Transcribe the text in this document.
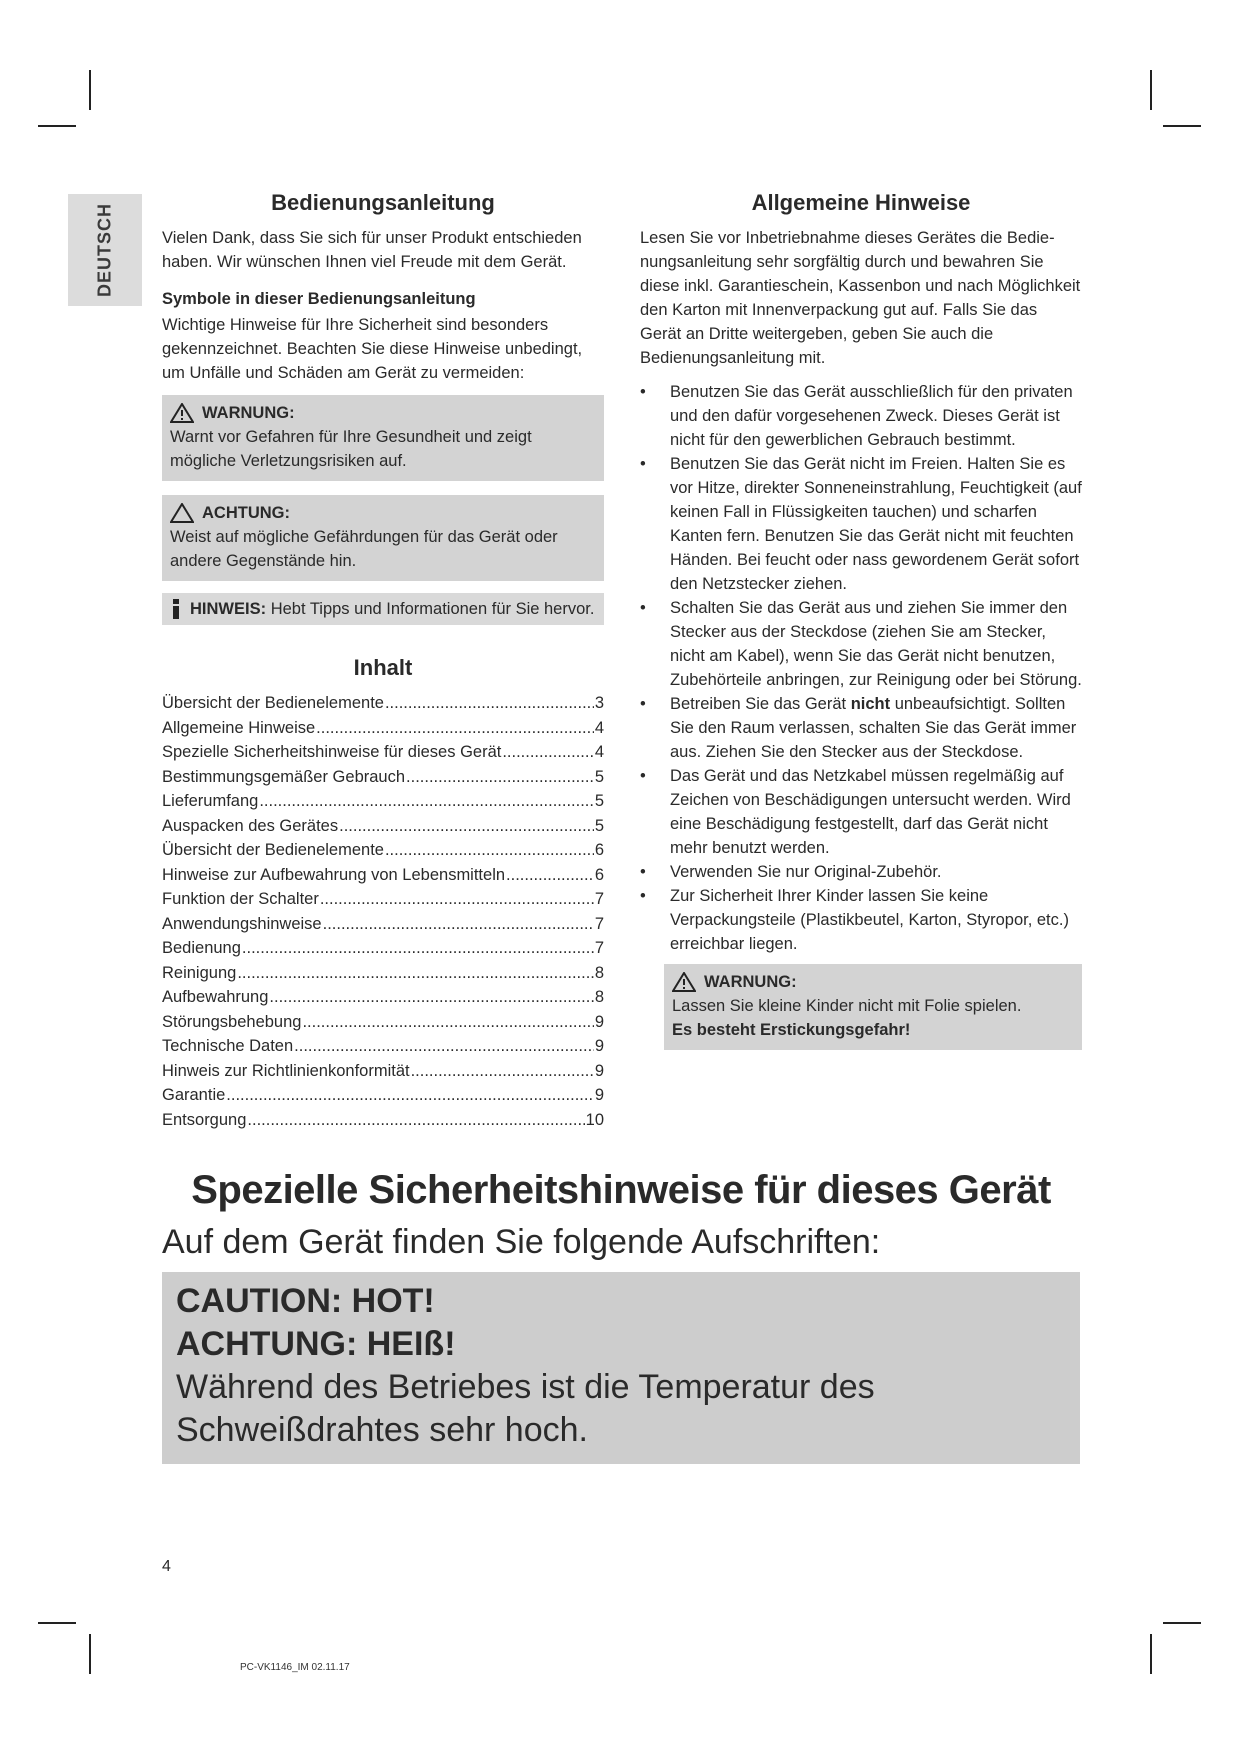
DEUTSCH
Bedienungsanleitung

Vielen Dank, dass Sie sich für unser Produkt entschieden haben. Wir wünschen Ihnen viel Freude mit dem Gerät.

Symbole in dieser Bedienungsanleitung

Wichtige Hinweise für Ihre Sicherheit sind besonders gekennzeichnet. Beachten Sie diese Hinweise unbedingt, um Unfälle und Schäden am Gerät zu vermeiden:

WARNUNG:
Warnt vor Gefahren für Ihre Gesundheit und zeigt mögliche Verletzungsrisiken auf.
ACHTUNG:
Weist auf mögliche Gefährdungen für das Gerät oder andere Gegenstände hin.
HINWEIS: Hebt Tipps und Informationen für Sie hervor.
Inhalt
Übersicht der Bedienelemente .....	3
Allgemeine Hinweise .....	4
Spezielle Sicherheitshinweise für dieses Gerät .....	4
Bestimmungsgemäßer Gebrauch .....	5
Lieferumfang .....	5
Auspacken des Gerätes .....	5
Übersicht der Bedienelemente .....	6
Hinweise zur Aufbewahrung von Lebensmitteln .....	6
Funktion der Schalter .....	7
Anwendungshinweise .....	7
Bedienung .....	7
Reinigung .....	8
Aufbewahrung .....	8
Störungsbehebung .....	9
Technische Daten .....	9
Hinweis zur Richtlinienkonformität .....	9
Garantie .....	9
Entsorgung .....	10
Allgemeine Hinweise

Lesen Sie vor Inbetriebnahme dieses Gerätes die Bedienungsanleitung sehr sorgfältig durch und bewahren Sie diese inkl. Garantieschein, Kassenbon und nach Möglichkeit den Karton mit Innenverpackung gut auf. Falls Sie das Gerät an Dritte weitergeben, geben Sie auch die Bedienungsanleitung mit.

• Benutzen Sie das Gerät ausschließlich für den privaten und den dafür vorgesehenen Zweck. Dieses Gerät ist nicht für den gewerblichen Gebrauch bestimmt.
• Benutzen Sie das Gerät nicht im Freien. Halten Sie es vor Hitze, direkter Sonneneinstrahlung, Feuchtigkeit (auf keinen Fall in Flüssigkeiten tauchen) und scharfen Kanten fern. Benutzen Sie das Gerät nicht mit feuchten Händen. Bei feucht oder nass gewordenem Gerät sofort den Netzstecker ziehen.
• Schalten Sie das Gerät aus und ziehen Sie immer den Stecker aus der Steckdose (ziehen Sie am Stecker, nicht am Kabel), wenn Sie das Gerät nicht benutzen, Zubehörteile anbringen, zur Reinigung oder bei Störung.
• Betreiben Sie das Gerät nicht unbeaufsichtigt. Sollten Sie den Raum verlassen, schalten Sie das Gerät immer aus. Ziehen Sie den Stecker aus der Steckdose.
• Das Gerät und das Netzkabel müssen regelmäßig auf Zeichen von Beschädigungen untersucht werden. Wird eine Beschädigung festgestellt, darf das Gerät nicht mehr benutzt werden.
• Verwenden Sie nur Original-Zubehör.
• Zur Sicherheit Ihrer Kinder lassen Sie keine Verpackungsteile (Plastikbeutel, Karton, Styropor, etc.) erreichbar liegen.
WARNUNG:
Lassen Sie kleine Kinder nicht mit Folie spielen.
Es besteht Erstickungsgefahr!
Spezielle Sicherheitshinweise für dieses Gerät
Auf dem Gerät finden Sie folgende Aufschriften:
CAUTION: HOT!
ACHTUNG: HEIß!
Während des Betriebes ist die Temperatur des Schweißdrahtes sehr hoch.
4
PC-VK1146_IM 02.11.17
